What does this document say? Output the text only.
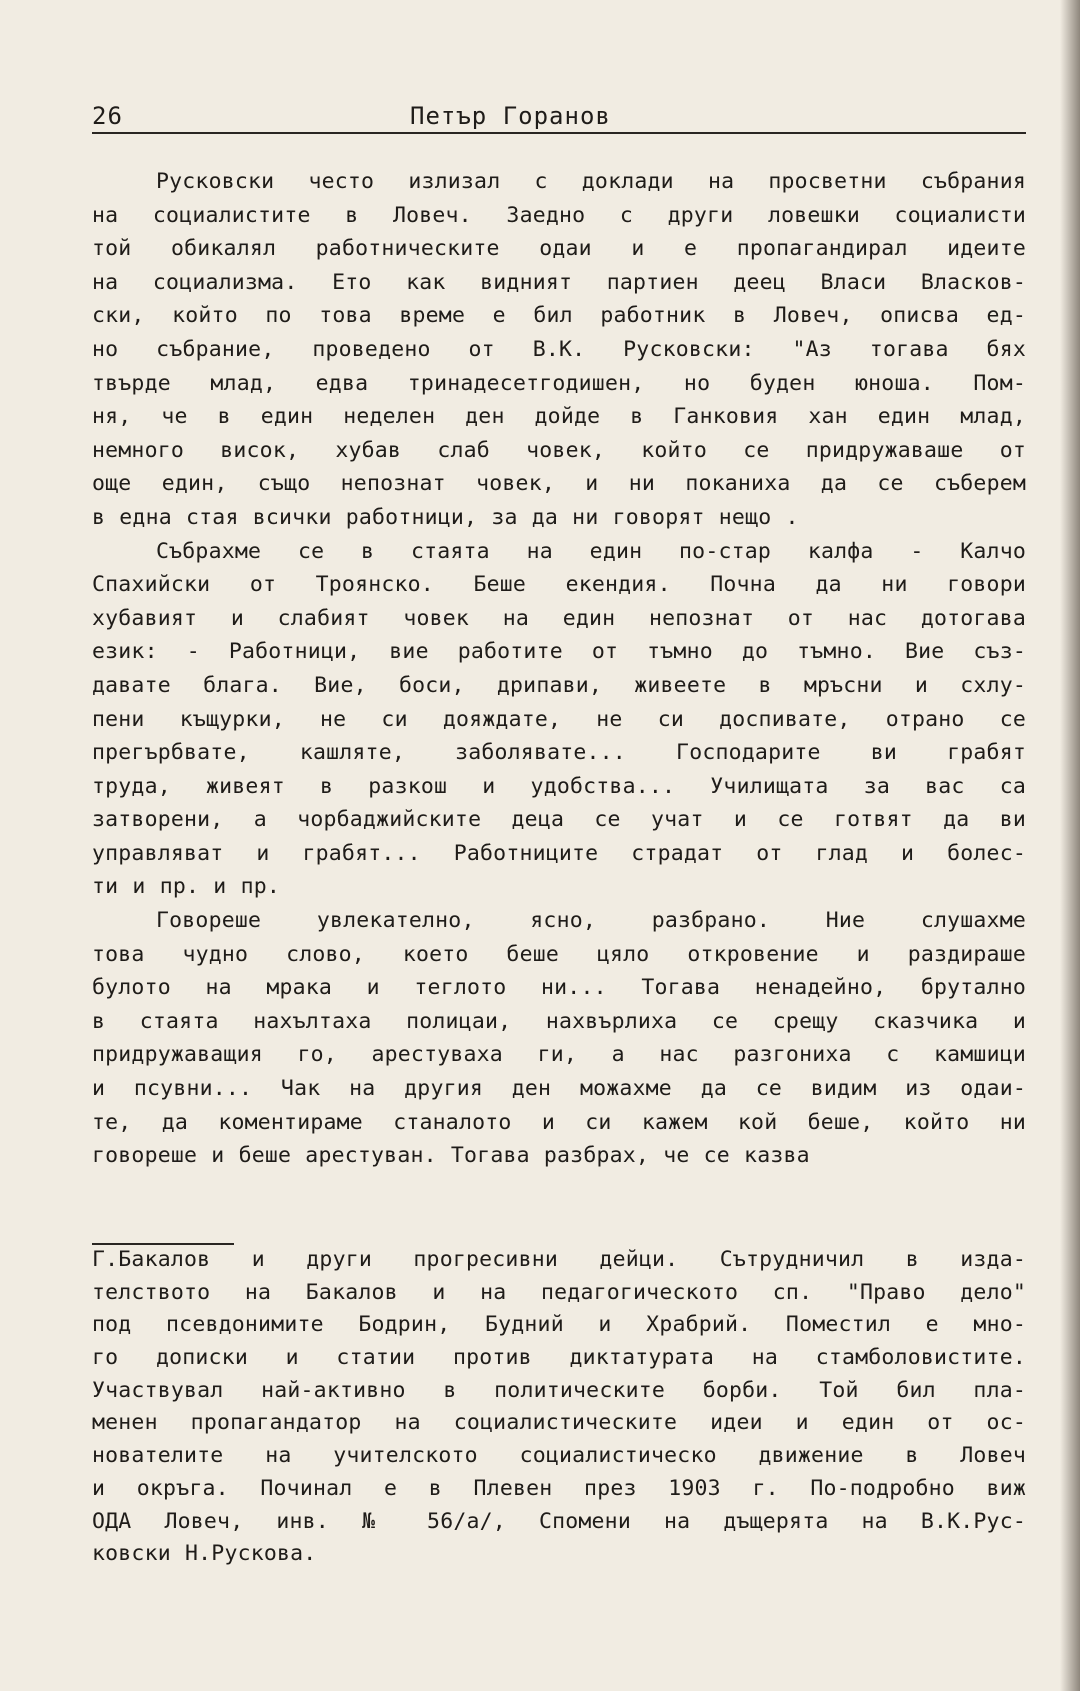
26	Петър Горанов
Русковски често излизал с доклади на просветни събрания
на социалистите в Ловеч. Заедно с други ловешки социалисти
той обикалял работническите одаи и е пропагандирал идеите
на социализма. Ето как видният партиен деец Власи Власков-
ски, който по това време е бил работник в Ловеч, описва ед-
но събрание, проведено от В.К. Русковски: "Аз тогава бях
твърде млад, едва тринадесетгодишен, но буден юноша. Пом-
ня, че в един неделен ден дойде в Ганковия хан един млад,
немного висок, хубав слаб човек, който се придружаваше от
още един, също непознат човек, и ни поканиха да се съберем
в една стая всички работници, за да ни говорят нещо .
Събрахме се в стаята на един по-стар калфа - Калчо
Спахийски от Троянско. Беше екендия. Почна да ни говори
хубавият и слабият човек на един непознат от нас дотогава
език: - Работници, вие работите от тъмно до тъмно. Вие съз-
давате блага. Вие, боси, дрипави, живеете в мръсни и схлу-
пени къщурки, не си дояждате, не си доспивате, отрано се
прегърбвате, кашляте, заболявате... Господарите ви грабят
труда, живеят в разкош и удобства... Училищата за вас са
затворени, а чорбаджийските деца се учат и се готвят да ви
управляват и грабят... Работниците страдат от глад и болес-
ти и пр. и пр.
Говореше увлекателно, ясно, разбрано. Ние слушахме
това чудно слово, което беше цяло откровение и раздираше
булото на мрака и теглото ни... Тогава ненадейно, брутално
в стаята нахълтаха полицаи, нахвърлиха се срещу сказчика и
придружаващия го, арестуваха ги, а нас разгониха с камшици
и псувни... Чак на другия ден можахме да се видим из одаи-
те, да коментираме станалото и си кажем кой беше, който ни
говореше и беше арестуван. Тогава разбрах, че се казва
Г.Бакалов и други прогресивни дейци. Сътрудничил в изда-
телството на Бакалов и на педагогическото сп. "Право дело"
под псевдонимите Бодрин, Будний и Храбрий. Поместил е мно-
го дописки и статии против диктатурата на стамболовистите.
Участвувал най-активно в политическите борби. Той бил пла-
менен пропагандатор на социалистическите идеи и един от ос-
новaтелите на учителското социалистическо движение в Ловеч
и окръга. Починал е в Плевен през 1903 г. По-подробно виж
ОДА Ловеч, инв. № 56/а/, Спомени на дъщерята на В.К.Рус-
ковски Н.Рускова.
